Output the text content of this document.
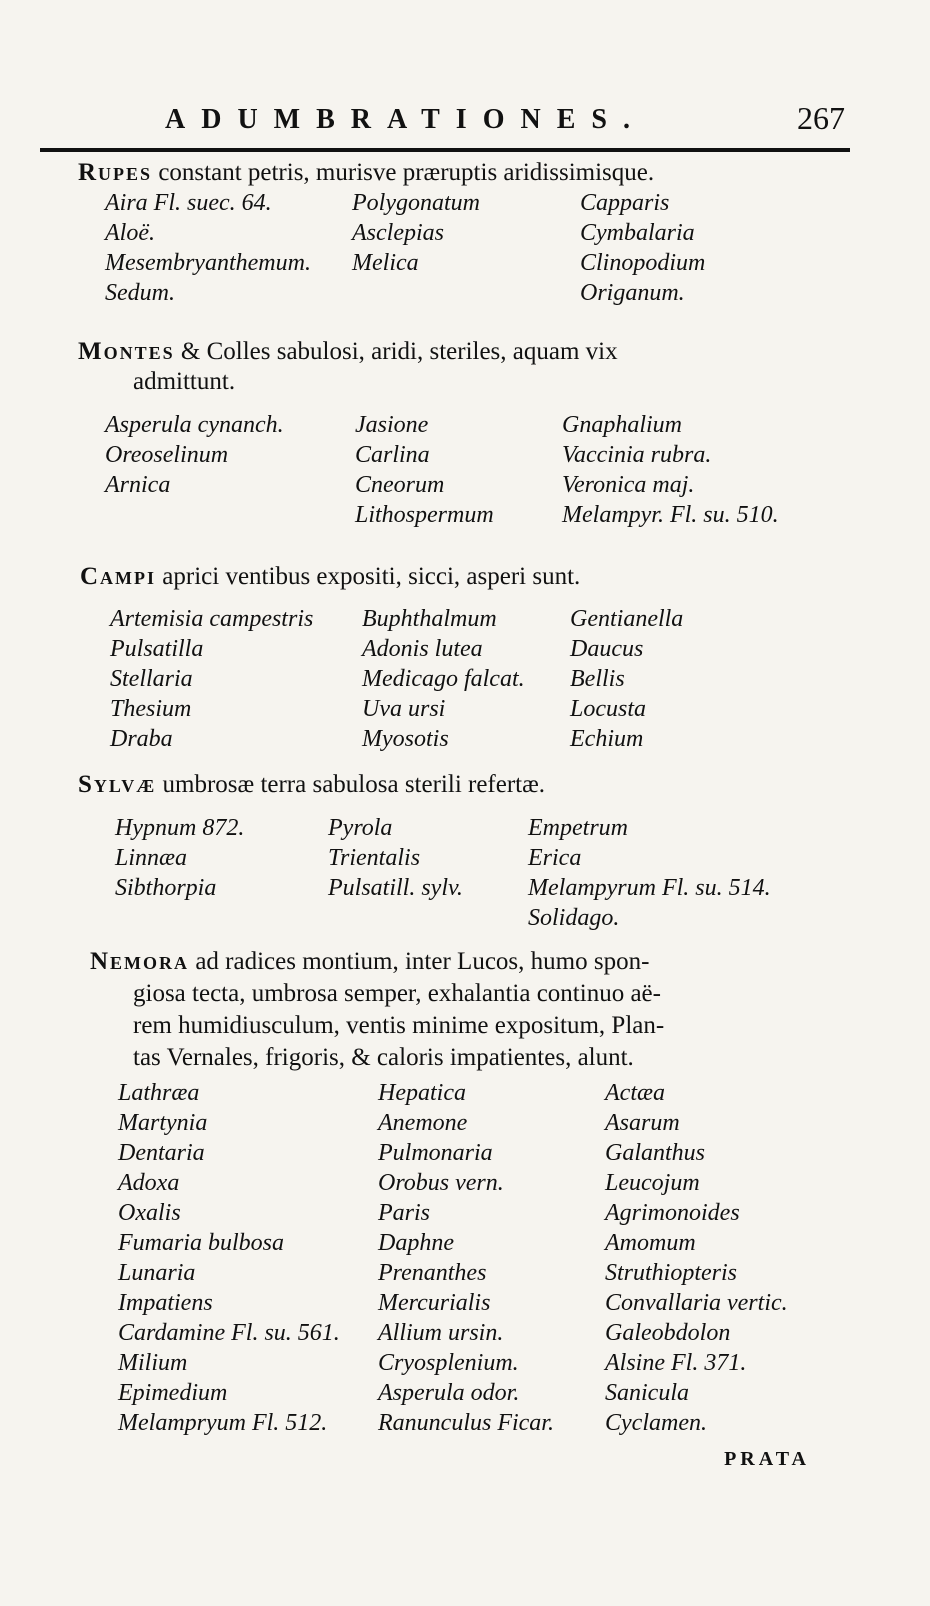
ADUMBRATIONES.	267
Rupes constant petris, murisve præruptis aridissimisque.
Aira Fl. suec. 64.
Aloë.
Mesembryanthemum.
Sedum.
Polygonatum
Asclepias
Melica
Capparis
Cymbalaria
Clinopodium
Origanum.
Montes & Colles sabulosi, aridi, steriles, aquam vix
admittunt.
Asperula cynanch.
Oreoselinum
Arnica
Jasione
Carlina
Cneorum
Lithospermum
Gnaphalium
Vaccinia rubra.
Veronica maj.
Melampyr. Fl. su. 510.
Campi aprici ventibus expositi, sicci, asperi sunt.
Artemisia campestris
Pulsatilla
Stellaria
Thesium
Draba
Buphthalmum
Adonis lutea
Medicago falcat.
Uva ursi
Myosotis
Gentianella
Daucus
Bellis
Locusta
Echium
Sylvæ umbrosæ terra sabulosa sterili refertæ.
Hypnum 872.
Linnæa
Sibthorpia
Pyrola
Trientalis
Pulsatill. sylv.
Empetrum
Erica
Melampyrum Fl. su. 514.
Solidago.
Nemora ad radices montium, inter Lucos, humo spon-
giosa tecta, umbrosa semper, exhalantia continuo aë-
rem humidiusculum, ventis minime expositum, Plan-
tas Vernales, frigoris, & caloris impatientes, alunt.
Lathræa
Martynia
Dentaria
Adoxa
Oxalis
Fumaria bulbosa
Lunaria
Impatiens
Cardamine Fl. su. 561.
Milium
Epimedium
Melampryum Fl. 512.
Hepatica
Anemone
Pulmonaria
Orobus vern.
Paris
Daphne
Prenanthes
Mercurialis
Allium ursin.
Cryosplenium.
Asperula odor.
Ranunculus Ficar.
Actæa
Asarum
Galanthus
Leucojum
Agrimonoides
Amomum
Struthiopteris
Convallaria vertic.
Galeobdolon
Alsine Fl. 371.
Sanicula
Cyclamen.
PRATA
